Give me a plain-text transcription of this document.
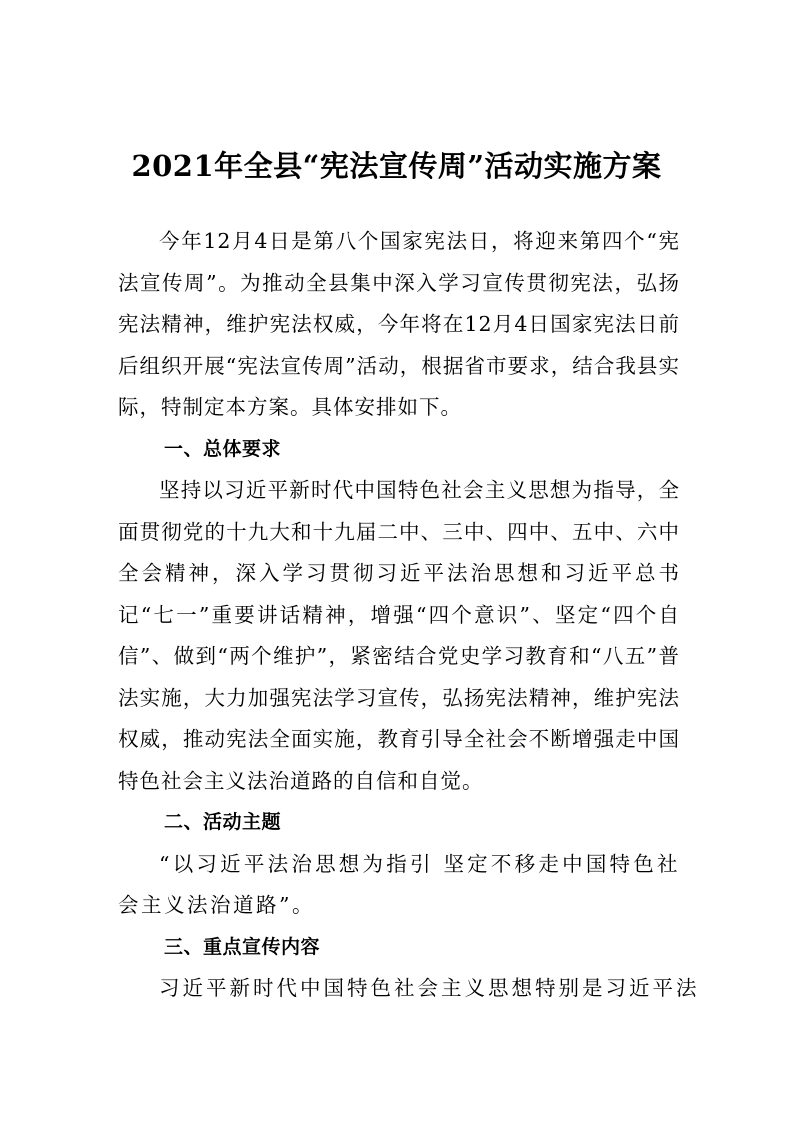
2021年全县“宪法宣传周”活动实施方案

今年12月4日是第八个国家宪法日，将迎来第四个“宪法宣传周”。为推动全县集中深入学习宣传贯彻宪法，弘扬宪法精神，维护宪法权威，今年将在12月4日国家宪法日前后组织开展“宪法宣传周”活动，根据省市要求，结合我县实际，特制定本方案。具体安排如下。

一、总体要求

坚持以习近平新时代中国特色社会主义思想为指导，全面贯彻党的十九大和十九届二中、三中、四中、五中、六中全会精神，深入学习贯彻习近平法治思想和习近平总书记“七一”重要讲话精神，增强“四个意识”、坚定“四个自信”、做到“两个维护”，紧密结合党史学习教育和“八五”普法实施，大力加强宪法学习宣传，弘扬宪法精神，维护宪法权威，推动宪法全面实施，教育引导全社会不断增强走中国特色社会主义法治道路的自信和自觉。

二、活动主题

“以习近平法治思想为指引 坚定不移走中国特色社会主义法治道路”。

三、重点宣传内容

习近平新时代中国特色社会主义思想特别是习近平法
